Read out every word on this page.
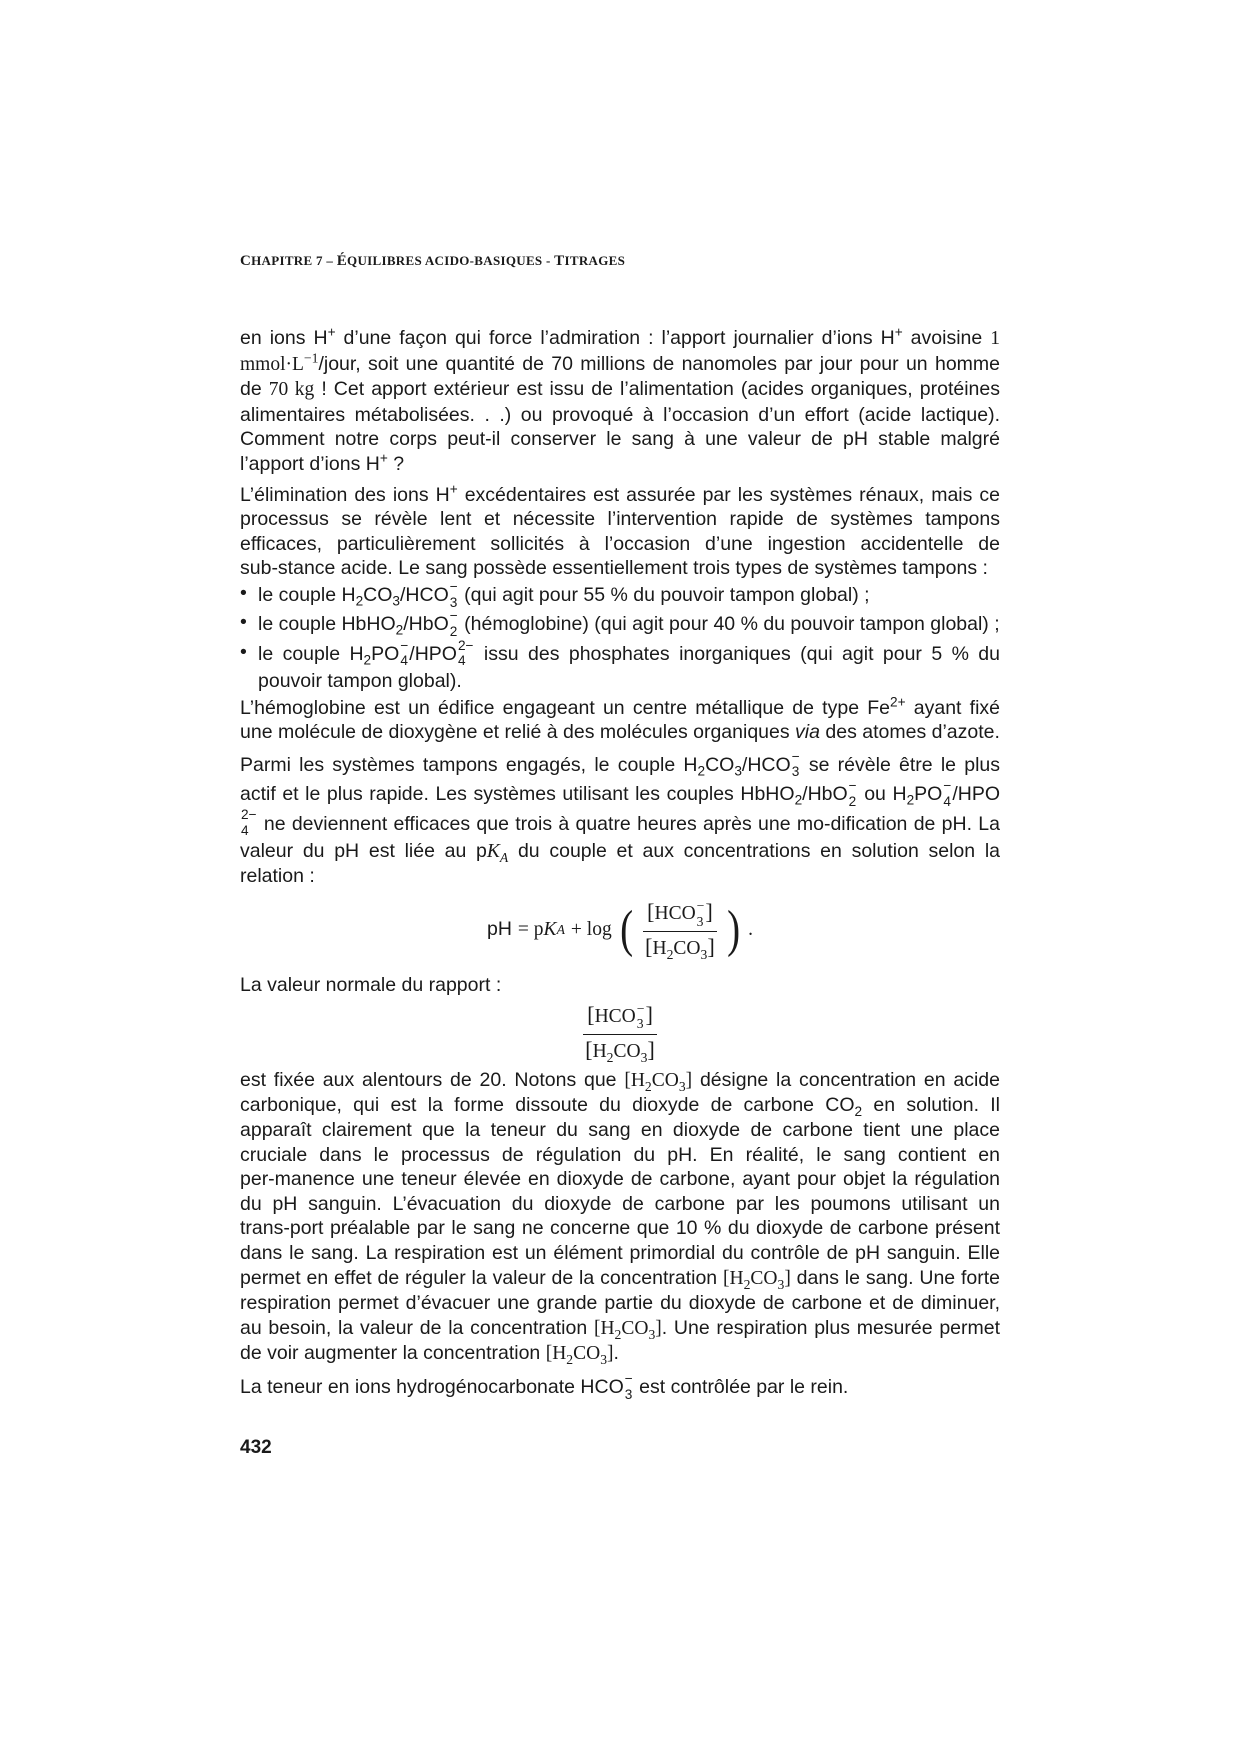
CHAPITRE 7 – ÉQUILIBRES ACIDO-BASIQUES - TITRAGES

en ions H+ d’une façon qui force l’admiration : l’apport journalier d’ions H+ avoisine 1 $mmol\cdot L^{-1}$/jour, soit une quantité de 70 millions de nanomoles par jour pour un homme de 70 kg ! Cet apport extérieur est issu de l’alimentation (acides organiques, protéines alimentaires métabolisées. . .) ou provoqué à l’occasion d’un effort (acide lactique). Comment notre corps peut-il conserver le sang à une valeur de pH stable malgré l’apport d’ions H+ ?

L’élimination des ions H+ excédentaires est assurée par les systèmes rénaux, mais ce processus se révèle lent et nécessite l’intervention rapide de systèmes tampons efficaces, particulièrement sollicités à l’occasion d’une ingestion accidentelle de sub‑stance acide. Le sang possède essentiellement trois types de systèmes tampons :

• le couple $H_2CO_3$/HCO −
3 (qui agit pour 55 % du pouvoir tampon global) ;
• le couple HbHO$_2$/HbO −
2 (hémoglobine) (qui agit pour 40 % du pouvoir tampon global) ;
• le couple $H_2PO$ −
4 /HPO 2−
4 issu des phosphates inorganiques (qui agit pour 5 % du pouvoir tampon global).

L’hémoglobine est un édifice engageant un centre métallique de type $Fe^{2+}$ ayant fixé une molécule de dioxygène et relié à des molécules organiques via des atomes d’azote.

Parmi les systèmes tampons engagés, le couple $H_2CO_3$/HCO −
3 se révèle être le plus actif et le plus rapide. Les systèmes utilisant les couples HbHO$_2$/HbO −
2 ou $H_2PO$ −
4 /HPO
2−
4 ne deviennent efficaces que trois à quatre heures après une mo‑dification de pH. La valeur du pH est liée au $pK_A$ du couple et aux concentrations en solution selon la relation :

pH = p K A + log ( [HCO −
3 ]
$[H_2CO_3]$ ) .

La valeur normale du rapport :

[HCO −
3 ]
$[H_2CO_3]$

est fixée aux alentours de 20. Notons que $[H_2CO_3]$ désigne la concentration en acide carbonique, qui est la forme dissoute du dioxyde de carbone $CO_2$ en solution. Il apparaît clairement que la teneur du sang en dioxyde de carbone tient une place cruciale dans le processus de régulation du pH. En réalité, le sang contient en per‑manence une teneur élevée en dioxyde de carbone, ayant pour objet la régulation du pH sanguin. L’évacuation du dioxyde de carbone par les poumons utilisant un trans‑port préalable par le sang ne concerne que 10 % du dioxyde de carbone présent dans le sang. La respiration est un élément primordial du contrôle de pH sanguin. Elle permet en effet de réguler la valeur de la concentration $[H_2CO_3]$ dans le sang. Une forte respiration permet d’évacuer une grande partie du dioxyde de carbone et de diminuer, au besoin, la valeur de la concentration $[H_2CO_3]$. Une respiration plus mesurée permet de voir augmenter la concentration $[H_2CO_3]$.

La teneur en ions hydrogénocarbonate HCO −
3 est contrôlée par le rein.

432
